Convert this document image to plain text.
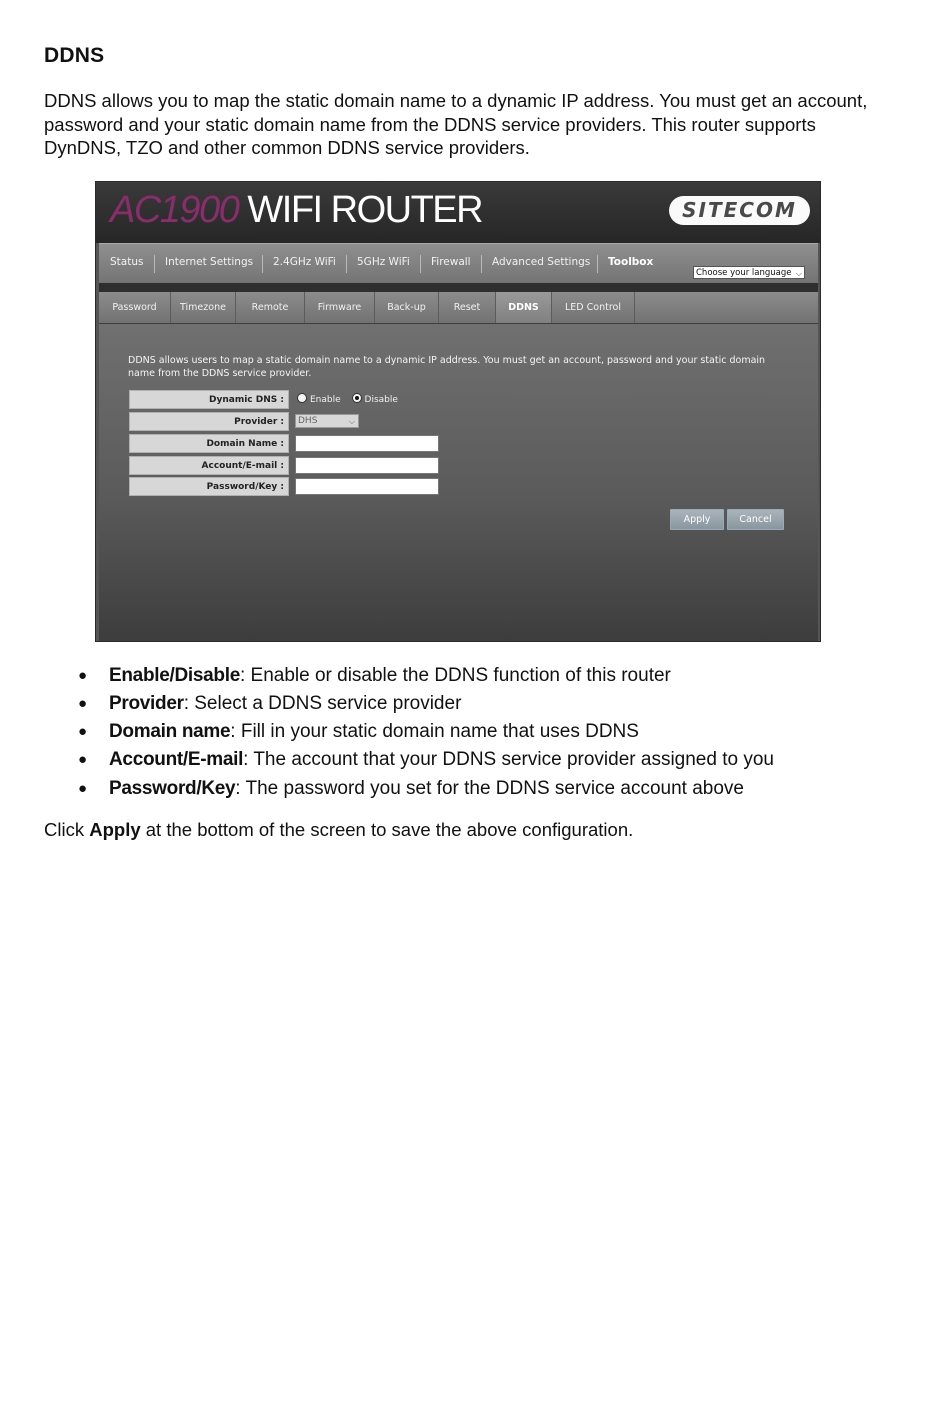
DDNS
DDNS allows you to map the static domain name to a dynamic IP address. You must get an account, password and your static domain name from the DDNS service providers. This router supports DynDNS, TZO and other common DDNS service providers.
AC1900 WIFI ROUTER	SITECOM
Status Internet Settings 2.4GHz WiFi 5GHz WiFi Firewall Advanced Settings Toolbox
Choose your language ⌵
Password	Timezone	Remote	Firmware	Back-up	Reset	DDNS	LED Control
DDNS allows users to map a static domain name to a dynamic IP address. You must get an account, password and your static domain name from the DDNS service provider.
Dynamic DNS :	Enable	Disable
Provider :	DHS	⌵
Domain Name :
Account/E-mail :
Password/Key :
Apply	Cancel
● Enable/Disable: Enable or disable the DDNS function of this router
● Provider: Select a DDNS service provider
● Domain name: Fill in your static domain name that uses DDNS
● Account/E-mail: The account that your DDNS service provider assigned to you
● Password/Key: The password you set for the DDNS service account above
Click Apply at the bottom of the screen to save the above configuration.
